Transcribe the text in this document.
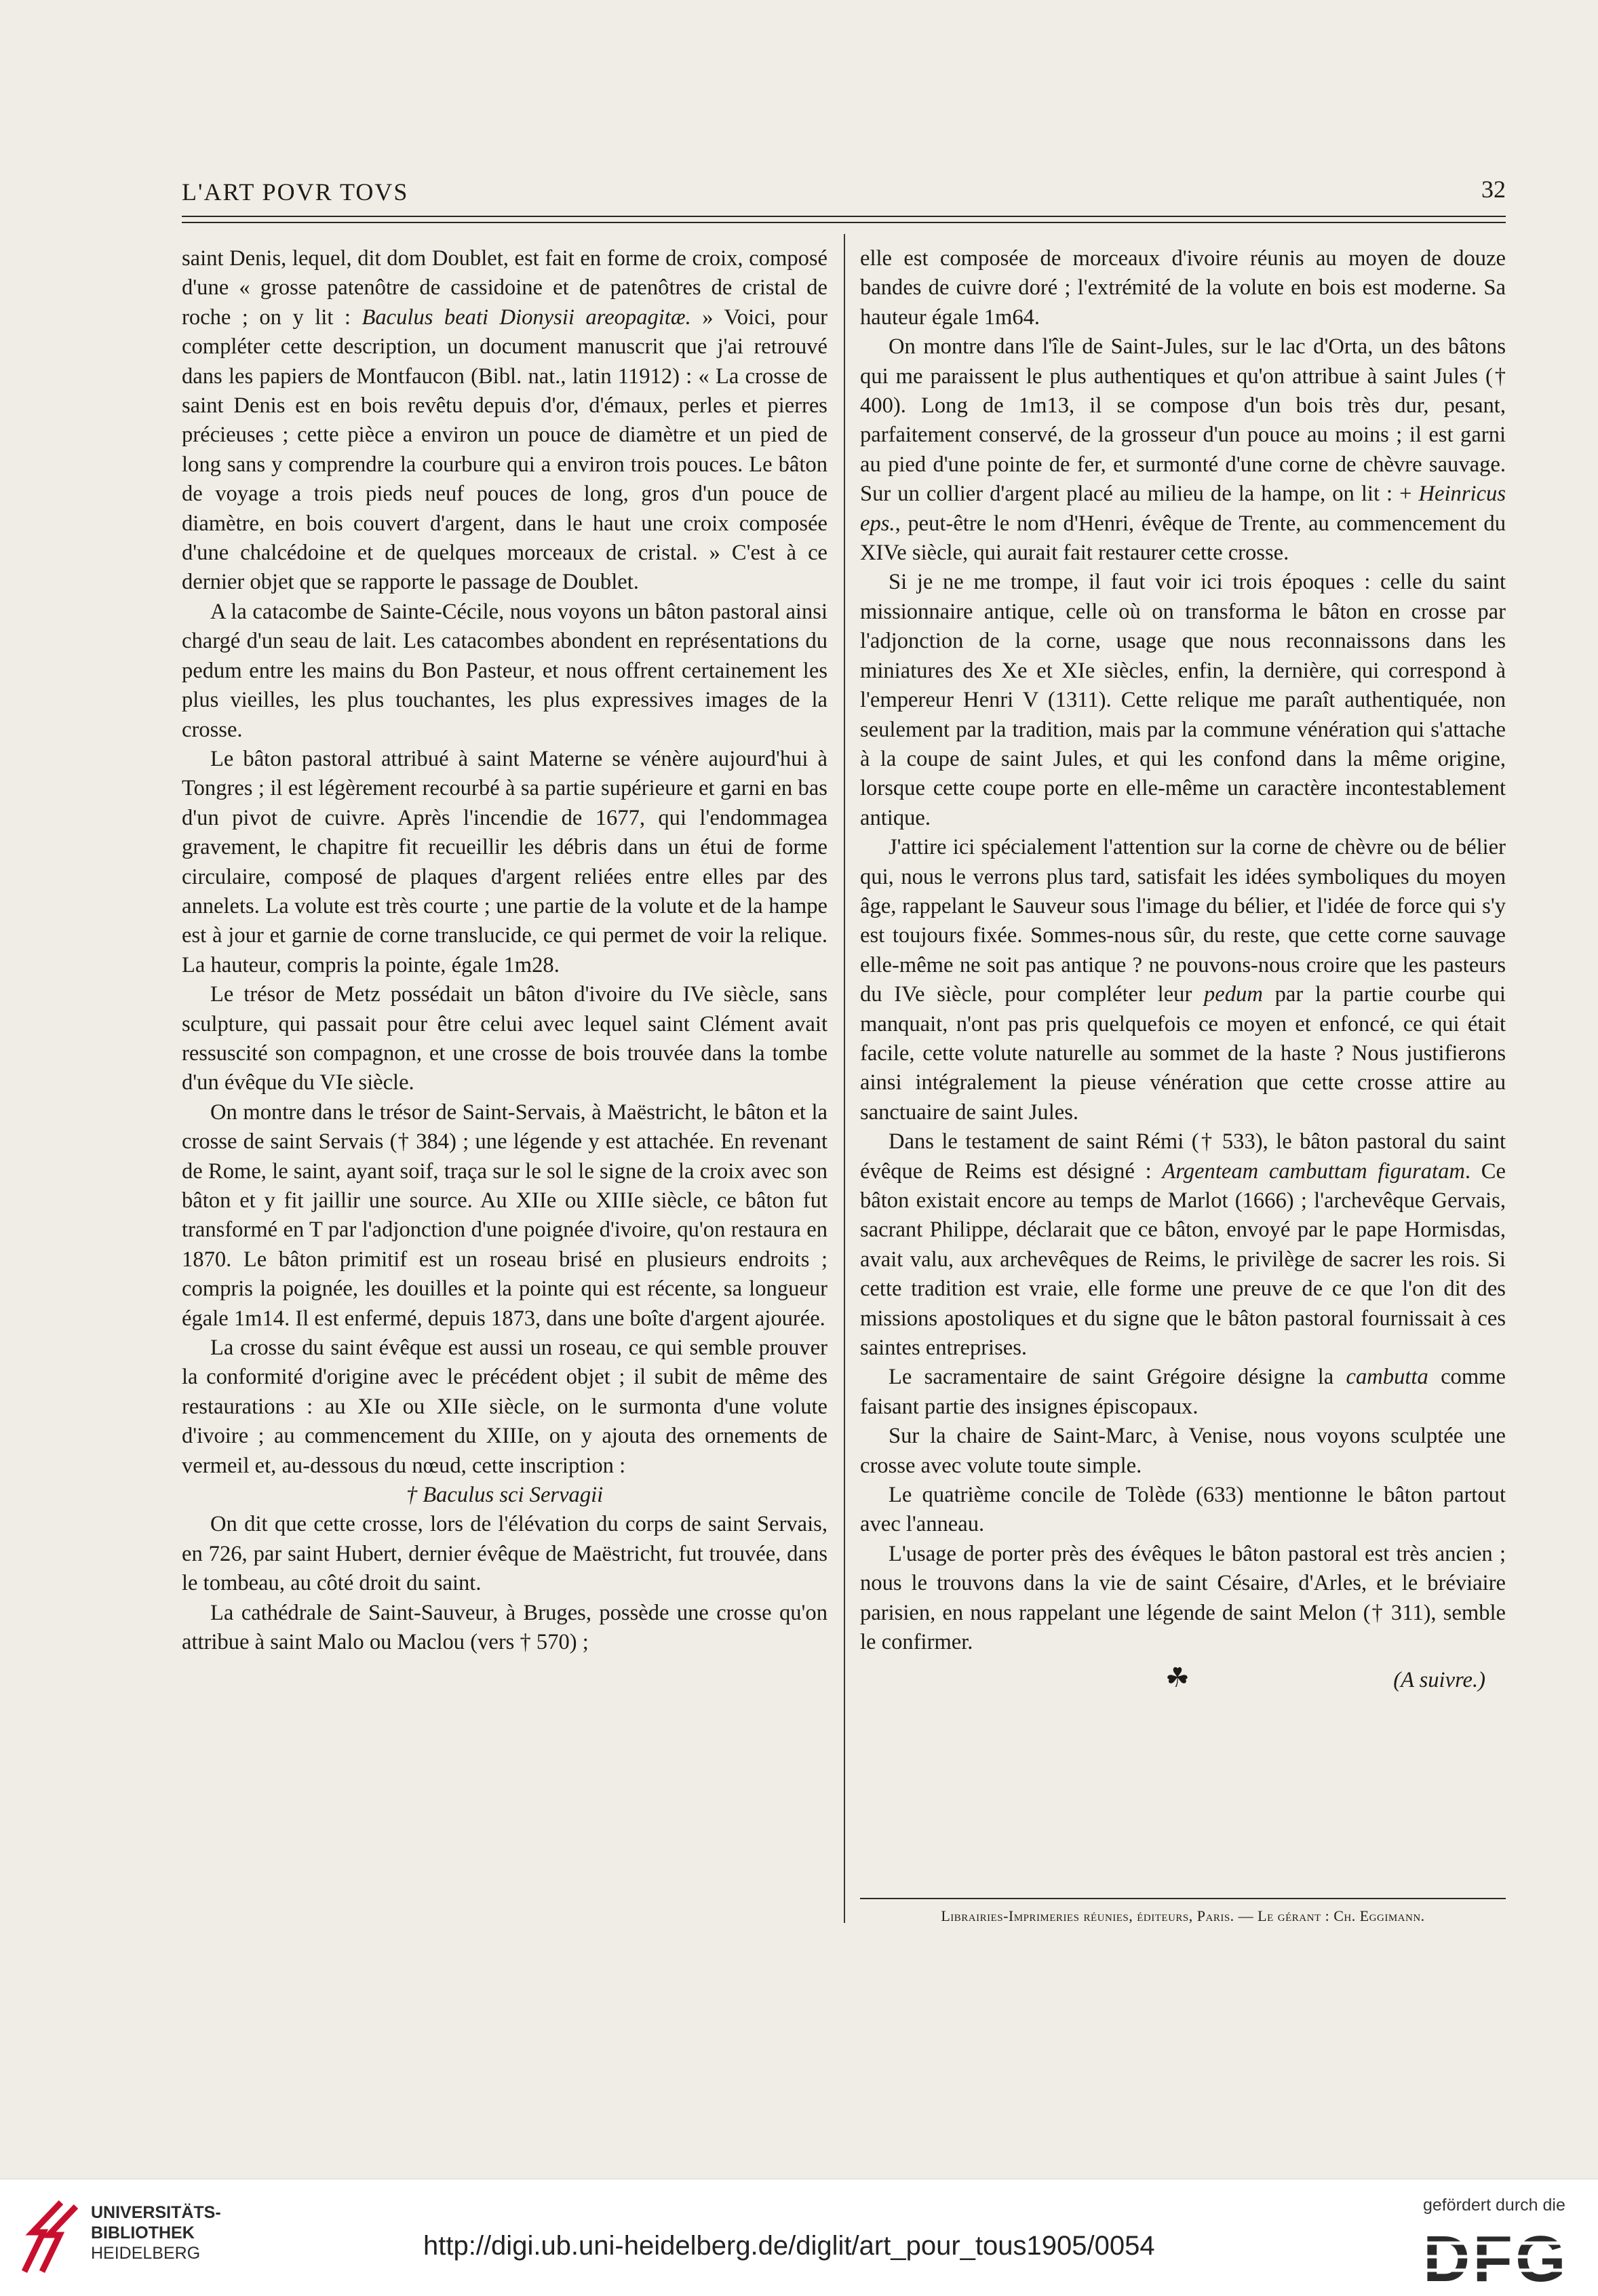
L'ART POVR TOVS	32

saint Denis, lequel, dit dom Doublet, est fait en forme de croix, composé d'une « grosse patenôtre de cassidoine et de patenôtres de cristal de roche ; on y lit : Baculus beati Dionysii areopagitæ. » Voici, pour compléter cette description, un document manuscrit que j'ai retrouvé dans les papiers de Montfaucon (Bibl. nat., latin 11912) : « La crosse de saint Denis est en bois revêtu depuis d'or, d'émaux, perles et pierres précieuses ; cette pièce a environ un pouce de diamètre et un pied de long sans y comprendre la courbure qui a environ trois pouces. Le bâton de voyage a trois pieds neuf pouces de long, gros d'un pouce de diamètre, en bois couvert d'argent, dans le haut une croix composée d'une chalcédoine et de quelques morceaux de cristal. » C'est à ce dernier objet que se rapporte le passage de Doublet.

A la catacombe de Sainte-Cécile, nous voyons un bâton pastoral ainsi chargé d'un seau de lait. Les catacombes abondent en représentations du pedum entre les mains du Bon Pasteur, et nous offrent certainement les plus vieilles, les plus touchantes, les plus expressives images de la crosse.

Le bâton pastoral attribué à saint Materne se vénère aujourd'hui à Tongres ; il est légèrement recourbé à sa partie supérieure et garni en bas d'un pivot de cuivre. Après l'incendie de 1677, qui l'endommagea gravement, le chapitre fit recueillir les débris dans un étui de forme circulaire, composé de plaques d'argent reliées entre elles par des annelets. La volute est très courte ; une partie de la volute et de la hampe est à jour et garnie de corne translucide, ce qui permet de voir la relique. La hauteur, compris la pointe, égale 1m28.

Le trésor de Metz possédait un bâton d'ivoire du IVe siècle, sans sculpture, qui passait pour être celui avec lequel saint Clément avait ressuscité son compagnon, et une crosse de bois trouvée dans la tombe d'un évêque du VIe siècle.

On montre dans le trésor de Saint-Servais, à Maëstricht, le bâton et la crosse de saint Servais († 384) ; une légende y est attachée. En revenant de Rome, le saint, ayant soif, traça sur le sol le signe de la croix avec son bâton et y fit jaillir une source. Au XIIe ou XIIIe siècle, ce bâton fut transformé en T par l'adjonction d'une poignée d'ivoire, qu'on restaura en 1870. Le bâton primitif est un roseau brisé en plusieurs endroits ; compris la poignée, les douilles et la pointe qui est récente, sa longueur égale 1m14. Il est enfermé, depuis 1873, dans une boîte d'argent ajourée.

La crosse du saint évêque est aussi un roseau, ce qui semble prouver la conformité d'origine avec le précédent objet ; il subit de même des restaurations : au XIe ou XIIe siècle, on le surmonta d'une volute d'ivoire ; au commencement du XIIIe, on y ajouta des ornements de vermeil et, au-dessous du nœud, cette inscription :

† Baculus sci Servagii

On dit que cette crosse, lors de l'élévation du corps de saint Servais, en 726, par saint Hubert, dernier évêque de Maëstricht, fut trouvée, dans le tombeau, au côté droit du saint.

La cathédrale de Saint-Sauveur, à Bruges, possède une crosse qu'on attribue à saint Malo ou Maclou (vers † 570) ;

elle est composée de morceaux d'ivoire réunis au moyen de douze bandes de cuivre doré ; l'extrémité de la volute en bois est moderne. Sa hauteur égale 1m64.

On montre dans l'île de Saint-Jules, sur le lac d'Orta, un des bâtons qui me paraissent le plus authentiques et qu'on attribue à saint Jules († 400). Long de 1m13, il se compose d'un bois très dur, pesant, parfaitement conservé, de la grosseur d'un pouce au moins ; il est garni au pied d'une pointe de fer, et surmonté d'une corne de chèvre sauvage. Sur un collier d'argent placé au milieu de la hampe, on lit : + Heinricus eps., peut-être le nom d'Henri, évêque de Trente, au commencement du XIVe siècle, qui aurait fait restaurer cette crosse.

Si je ne me trompe, il faut voir ici trois époques : celle du saint missionnaire antique, celle où on transforma le bâton en crosse par l'adjonction de la corne, usage que nous reconnaissons dans les miniatures des Xe et XIe siècles, enfin, la dernière, qui correspond à l'empereur Henri V (1311). Cette relique me paraît authentiquée, non seulement par la tradition, mais par la commune vénération qui s'attache à la coupe de saint Jules, et qui les confond dans la même origine, lorsque cette coupe porte en elle-même un caractère incontestablement antique.

J'attire ici spécialement l'attention sur la corne de chèvre ou de bélier qui, nous le verrons plus tard, satisfait les idées symboliques du moyen âge, rappelant le Sauveur sous l'image du bélier, et l'idée de force qui s'y est toujours fixée. Sommes-nous sûr, du reste, que cette corne sauvage elle-même ne soit pas antique ? ne pouvons-nous croire que les pasteurs du IVe siècle, pour compléter leur pedum par la partie courbe qui manquait, n'ont pas pris quelquefois ce moyen et enfoncé, ce qui était facile, cette volute naturelle au sommet de la haste ? Nous justifierons ainsi intégralement la pieuse vénération que cette crosse attire au sanctuaire de saint Jules.

Dans le testament de saint Rémi († 533), le bâton pastoral du saint évêque de Reims est désigné : Argenteam cambuttam figuratam. Ce bâton existait encore au temps de Marlot (1666) ; l'archevêque Gervais, sacrant Philippe, déclarait que ce bâton, envoyé par le pape Hormisdas, avait valu, aux archevêques de Reims, le privilège de sacrer les rois. Si cette tradition est vraie, elle forme une preuve de ce que l'on dit des missions apostoliques et du signe que le bâton pastoral fournissait à ces saintes entreprises.

Le sacramentaire de saint Grégoire désigne la cambutta comme faisant partie des insignes épiscopaux.

Sur la chaire de Saint-Marc, à Venise, nous voyons sculptée une crosse avec volute toute simple.

Le quatrième concile de Tolède (633) mentionne le bâton partout avec l'anneau.

L'usage de porter près des évêques le bâton pastoral est très ancien ; nous le trouvons dans la vie de saint Césaire, d'Arles, et le bréviaire parisien, en nous rappelant une légende de saint Melon († 311), semble le confirmer.

☘	(A suivre.)
Librairies-Imprimeries réunies, éditeurs, Paris. — Le gérant : Ch. Eggimann.
UNIVERSITÄTS-
BIBLIOTHEK
HEIDELBERG	http://digi.ub.uni-heidelberg.de/diglit/art_pour_tous1905/0054
gefördert durch die
DFG
